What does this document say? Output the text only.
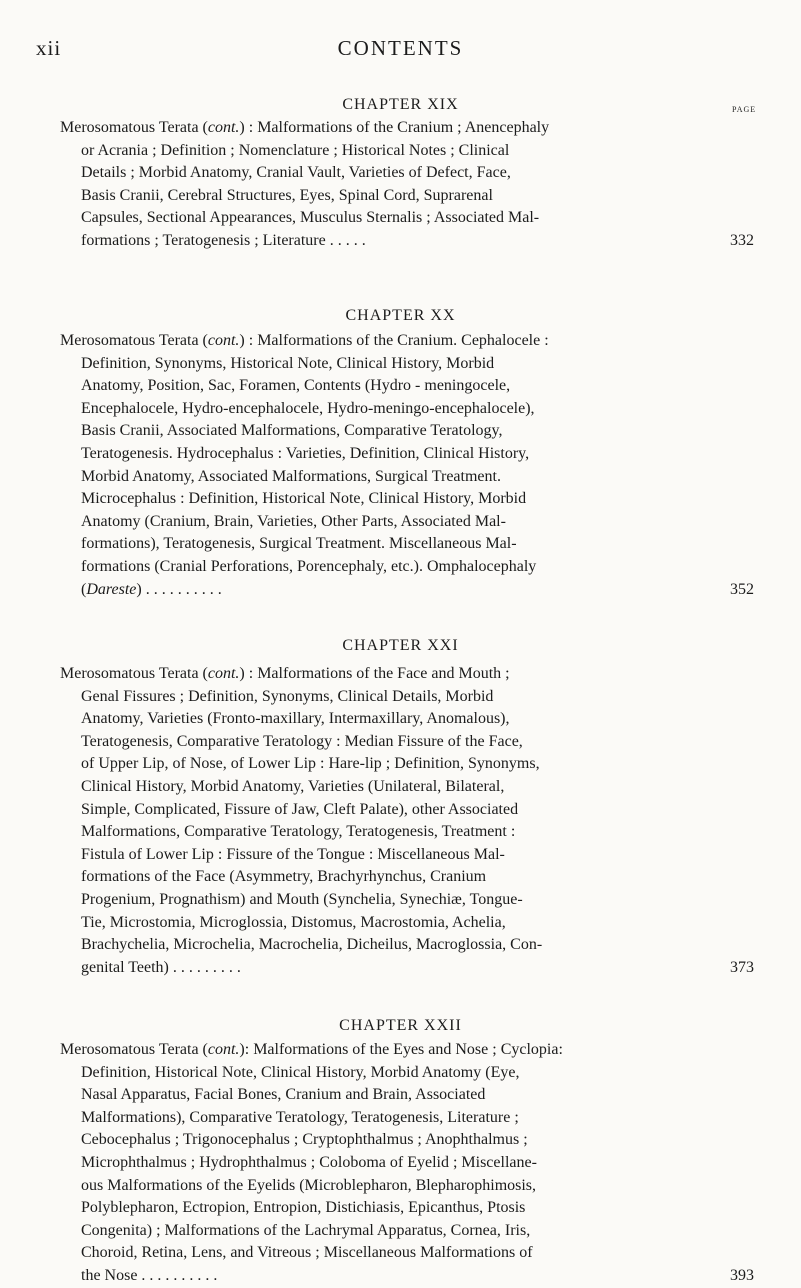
xii	CONTENTS
PAGE
CHAPTER XIX
Merosomatous Terata (cont.) : Malformations of the Cranium ; Anencephaly
or Acrania ; Definition ; Nomenclature ; Historical Notes ; Clinical
Details ; Morbid Anatomy, Cranial Vault, Varieties of Defect, Face,
Basis Cranii, Cerebral Structures, Eyes, Spinal Cord, Suprarenal
Capsules, Sectional Appearances, Musculus Sternalis ; Associated Mal-
formations ; Teratogenesis ; Literature . . . . .	332
CHAPTER XX
Merosomatous Terata (cont.) : Malformations of the Cranium. Cephalocele :
Definition, Synonyms, Historical Note, Clinical History, Morbid
Anatomy, Position, Sac, Foramen, Contents (Hydro - meningocele,
Encephalocele, Hydro-encephalocele, Hydro-meningo-encephalocele),
Basis Cranii, Associated Malformations, Comparative Teratology,
Teratogenesis. Hydrocephalus : Varieties, Definition, Clinical History,
Morbid Anatomy, Associated Malformations, Surgical Treatment.
Microcephalus : Definition, Historical Note, Clinical History, Morbid
Anatomy (Cranium, Brain, Varieties, Other Parts, Associated Mal-
formations), Teratogenesis, Surgical Treatment. Miscellaneous Mal-
formations (Cranial Perforations, Porencephaly, etc.). Omphalocephaly
(Dareste) . . . . . . . . . .	352
CHAPTER XXI
Merosomatous Terata (cont.) : Malformations of the Face and Mouth ;
Genal Fissures ; Definition, Synonyms, Clinical Details, Morbid
Anatomy, Varieties (Fronto-maxillary, Intermaxillary, Anomalous),
Teratogenesis, Comparative Teratology : Median Fissure of the Face,
of Upper Lip, of Nose, of Lower Lip : Hare-lip ; Definition, Synonyms,
Clinical History, Morbid Anatomy, Varieties (Unilateral, Bilateral,
Simple, Complicated, Fissure of Jaw, Cleft Palate), other Associated
Malformations, Comparative Teratology, Teratogenesis, Treatment :
Fistula of Lower Lip : Fissure of the Tongue : Miscellaneous Mal-
formations of the Face (Asymmetry, Brachyrhynchus, Cranium
Progenium, Prognathism) and Mouth (Synchelia, Synechiæ, Tongue-
Tie, Microstomia, Microglossia, Distomus, Macrostomia, Achelia,
Brachychelia, Microchelia, Macrochelia, Dicheilus, Macroglossia, Con-
genital Teeth) . . . . . . . . .	373
CHAPTER XXII
Merosomatous Terata (cont.): Malformations of the Eyes and Nose ; Cyclopia:
Definition, Historical Note, Clinical History, Morbid Anatomy (Eye,
Nasal Apparatus, Facial Bones, Cranium and Brain, Associated
Malformations), Comparative Teratology, Teratogenesis, Literature ;
Cebocephalus ; Trigonocephalus ; Cryptophthalmus ; Anophthalmus ;
Microphthalmus ; Hydrophthalmus ; Coloboma of Eyelid ; Miscellane-
ous Malformations of the Eyelids (Microblepharon, Blepharophimosis,
Polyblepharon, Ectropion, Entropion, Distichiasis, Epicanthus, Ptosis
Congenita) ; Malformations of the Lachrymal Apparatus, Cornea, Iris,
Choroid, Retina, Lens, and Vitreous ; Miscellaneous Malformations of
the Nose . . . . . . . . . .	393
